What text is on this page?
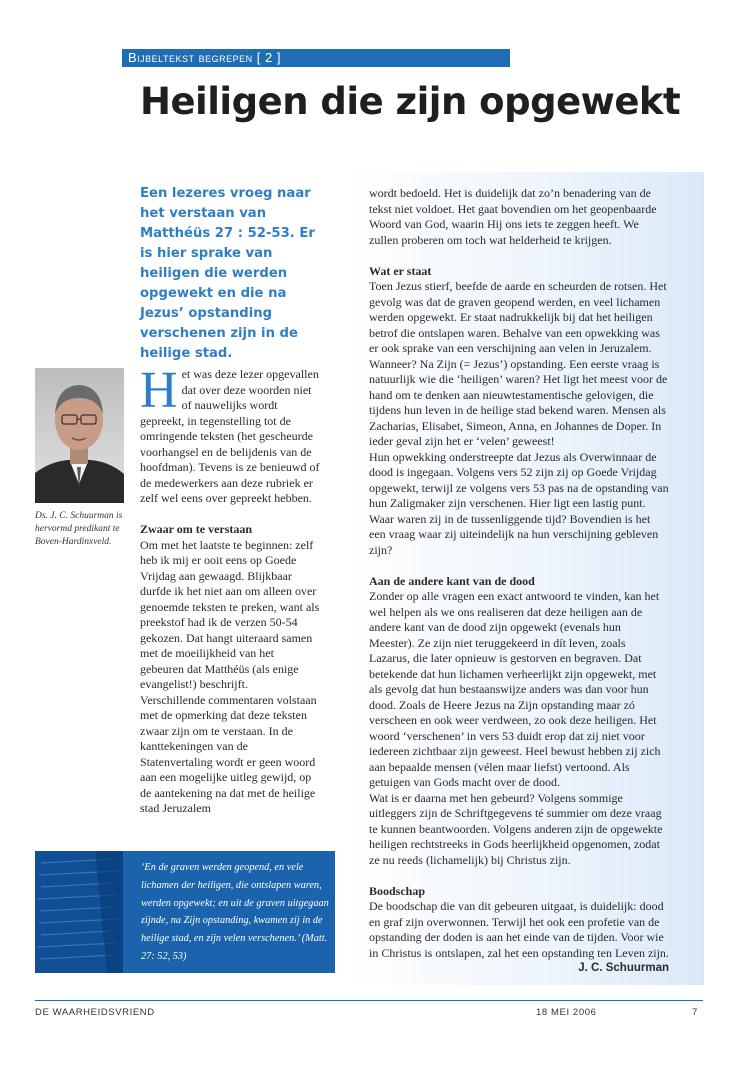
Bijbeltekst begrepen [ 2 ]
Heiligen die zijn opgewekt

Een lezeres vroeg naar het verstaan van Matthéüs 27 : 52-53. Er is hier sprake van heiligen die werden opgewekt en die na Jezus’ opstanding verschenen zijn in de heilige stad.

Ds. J. C. Schuurman is hervormd predikant te Boven-Hardinxveld.

H et was deze lezer opgevallen dat over deze woorden niet of nauwelijks wordt gepreekt, in tegenstelling tot de omringende teksten (het gescheurde voorhangsel en de belijdenis van de hoofdman). Tevens is ze benieuwd of de medewerkers aan deze rubriek er zelf wel eens over gepreekt hebben.

Zwaar om te verstaan

Om met het laatste te beginnen: zelf heb ik mij er ooit eens op Goede Vrijdag aan gewaagd. Blijkbaar durfde ik het niet aan om alleen over genoemde teksten te preken, want als preekstof had ik de verzen 50-54 gekozen. Dat hangt uiteraard samen met de moeilijkheid van het gebeuren dat Matthéüs (als enige evangelist!) beschrijft.

Verschillende commentaren volstaan met de opmerking dat deze teksten zwaar zijn om te verstaan. In de kanttekeningen van de Statenvertaling wordt er geen woord aan een mogelijke uitleg gewijd, op de aantekening na dat met de heilige stad Jeruzalem

‘En de graven werden geopend, en vele lichamen der heiligen, die ontslapen waren, werden opgewekt; en uit de graven uitgegaan zijnde, na Zijn opstanding, kwamen zij in de heilige stad, en zijn velen verschenen.’ (Matt. 27: 52, 53)

wordt bedoeld. Het is duidelijk dat zo’n benadering van de tekst niet voldoet. Het gaat bovendien om het geopenbaarde Woord van God, waarin Hij ons iets te zeggen heeft. We zullen proberen om toch wat helderheid te krijgen.

Wat er staat

Toen Jezus stierf, beefde de aarde en scheurden de rotsen. Het gevolg was dat de graven geopend werden, en veel lichamen werden opgewekt. Er staat nadrukkelijk bij dat het heiligen betrof die ontslapen waren. Behalve van een opwekking was er ook sprake van een verschijning aan velen in Jeruzalem. Wanneer? Na Zijn (= Jezus’) opstanding. Een eerste vraag is natuurlijk wie die ‘heiligen’ waren? Het ligt het meest voor de hand om te denken aan nieuwtestamentische gelovigen, die tijdens hun leven in de heilige stad bekend waren. Mensen als Zacharias, Elisabet, Simeon, Anna, en Johannes de Doper. In ieder geval zijn het er ‘velen’ geweest!

Hun opwekking onderstreepte dat Jezus als Overwinnaar de dood is ingegaan. Volgens vers 52 zijn zij op Goede Vrijdag opgewekt, terwijl ze volgens vers 53 pas na de opstanding van hun Zaligmaker zijn verschenen. Hier ligt een lastig punt. Waar waren zij in de tussenliggende tijd? Bovendien is het een vraag waar zij uiteindelijk na hun verschijning gebleven zijn?

Aan de andere kant van de dood

Zonder op alle vragen een exact antwoord te vinden, kan het wel helpen als we ons realiseren dat deze heiligen aan de andere kant van de dood zijn opgewekt (evenals hun Meester). Ze zijn niet teruggekeerd in dít leven, zoals Lazarus, die later opnieuw is gestorven en begraven. Dat betekende dat hun lichamen verheerlijkt zijn opgewekt, met als gevolg dat hun bestaanswijze anders was dan voor hun dood. Zoals de Heere Jezus na Zijn opstanding maar zó verscheen en ook weer verdween, zo ook deze heiligen. Het woord ‘verschenen’ in vers 53 duidt erop dat zij niet voor iedereen zichtbaar zijn geweest. Heel bewust hebben zij zich aan bepaalde mensen (vélen maar liefst) vertoond. Als getuigen van Gods macht over de dood.

Wat is er daarna met hen gebeurd? Volgens sommige uitleggers zijn de Schriftgegevens té summier om deze vraag te kunnen beantwoorden. Volgens anderen zijn de opgewekte heiligen rechtstreeks in Gods heerlijkheid opgenomen, zodat ze nu reeds (lichamelijk) bij Christus zijn.

Boodschap

De boodschap die van dit gebeuren uitgaat, is duidelijk: dood en graf zijn overwonnen. Terwijl het ook een profetie van de opstanding der doden is aan het einde van de tijden. Voor wie in Christus is ontslapen, zal het een opstanding ten Leven zijn.

J. C. Schuurman

DE WAARHEIDSVRIEND	18 MEI 2006	7
